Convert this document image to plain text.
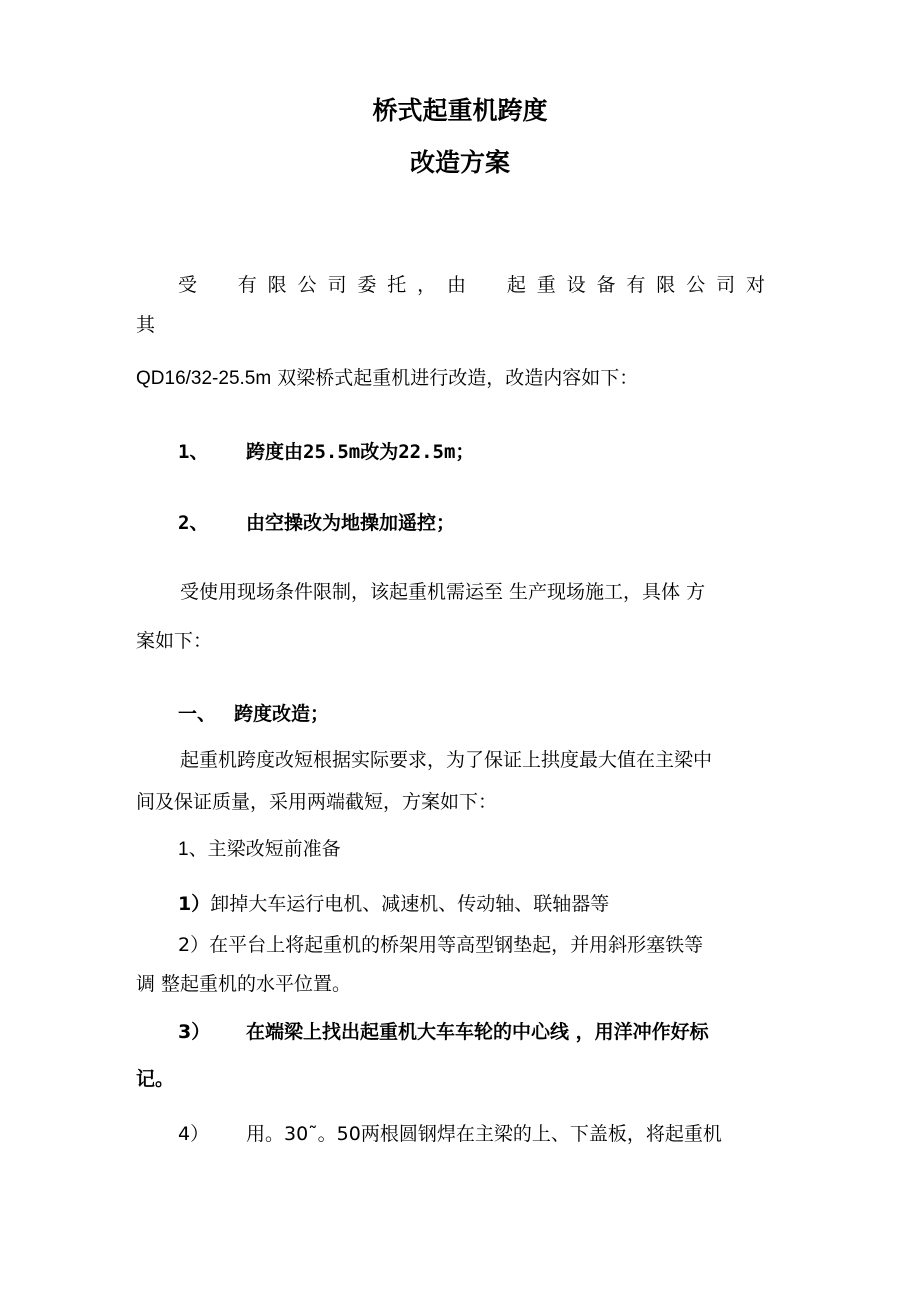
桥式起重机跨度
改造方案
受　有限公司委托，由　起重设备有限公司对
其
QD16/32-25.5m 双梁桥式起重机进行改造，改造内容如下：
1、 跨度由25.5m改为22.5m；
2、 由空操改为地操加遥控；
受使用现场条件限制，该起重机需运至 生产现场施工，具体 方
案如下：
一、 跨度改造；
起重机跨度改短根据实际要求，为了保证上拱度最大值在主梁中
间及保证质量，采用两端截短，方案如下：
1、主梁改短前准备
1）卸掉大车运行电机、减速机、传动轴、联轴器等
2）在平台上将起重机的桥架用等高型钢垫起，并用斜形塞铁等
调 整起重机的水平位置。
3） 在端梁上找出起重机大车车轮的中心线 ，用洋冲作好标
记。
4） 用。30˜。50两根圆钢焊在主梁的上、下盖板，将起重机
